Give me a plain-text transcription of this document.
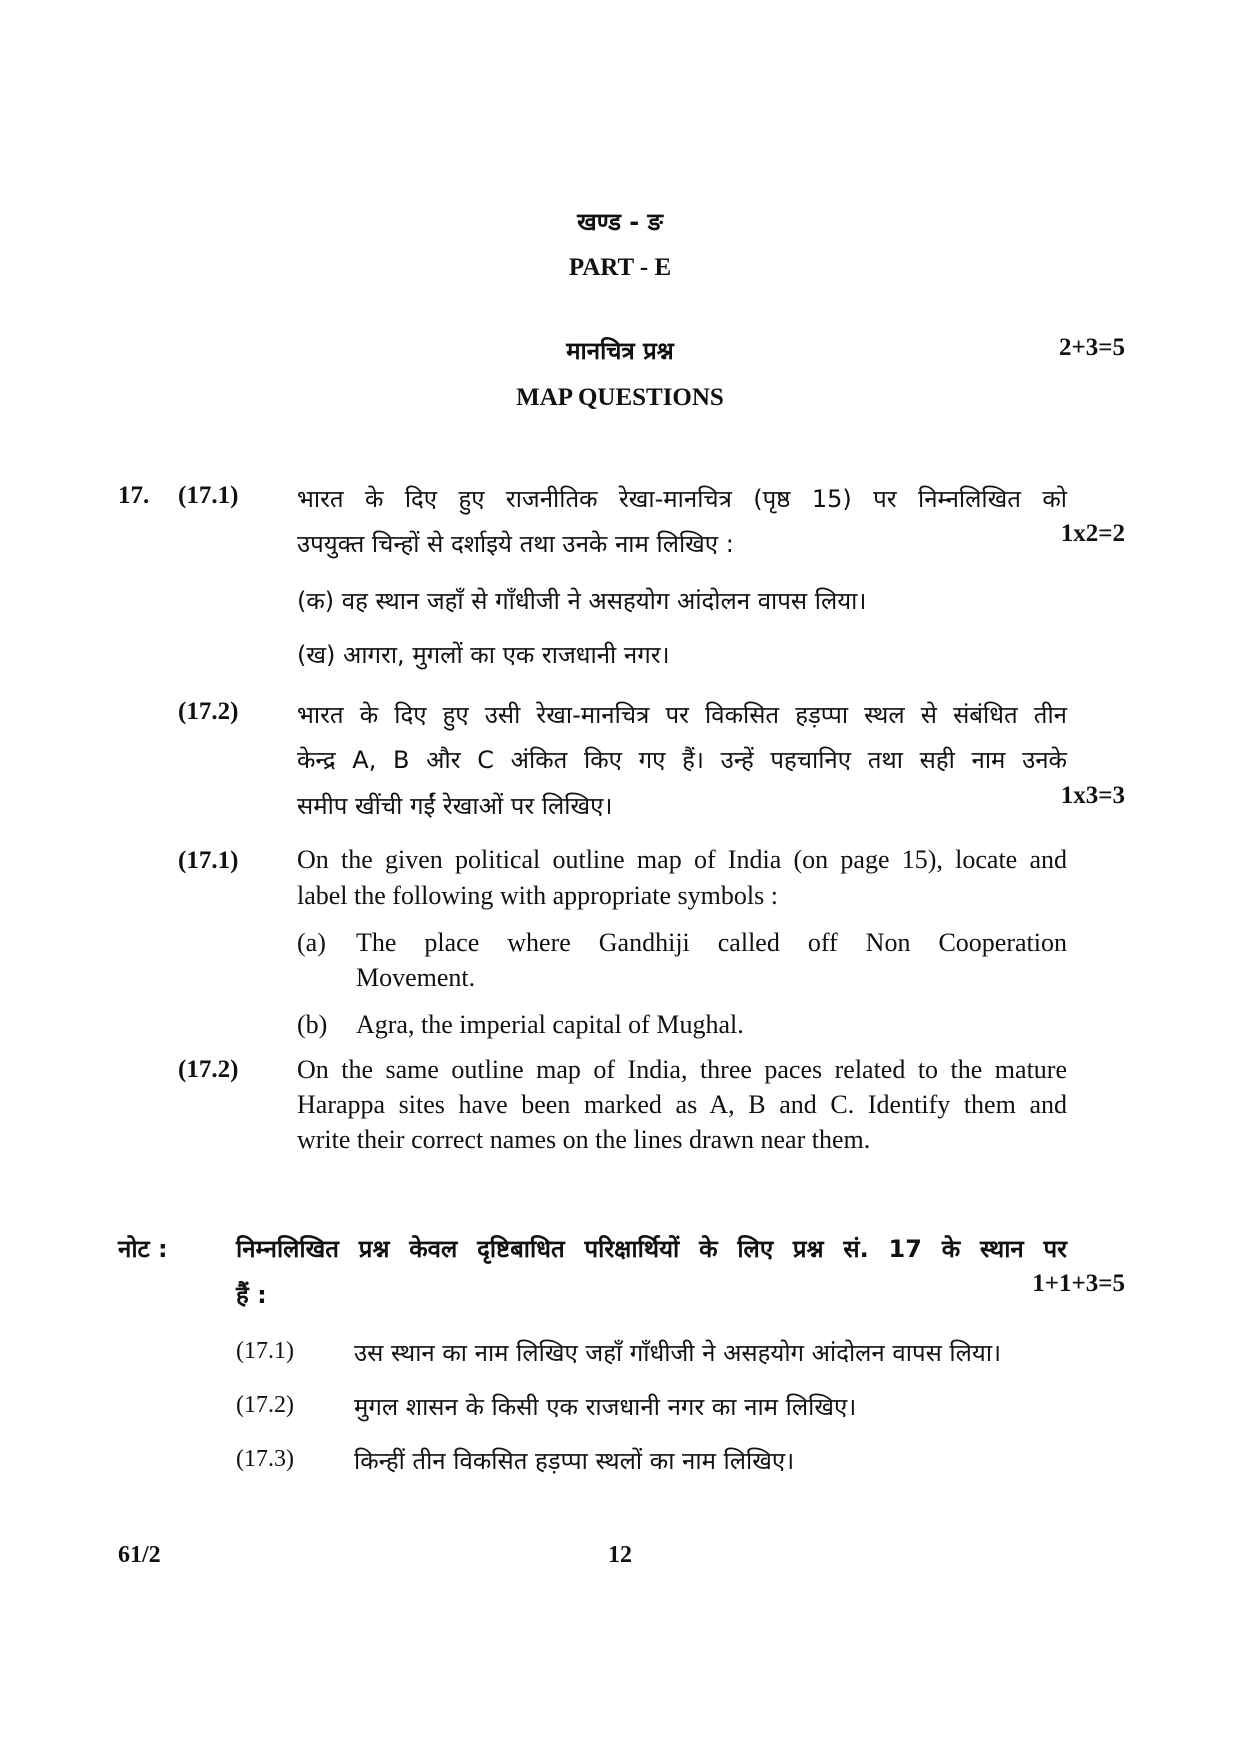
खण्ड - ङ
PART - E
मानचित्र प्रश्न	2+3=5
MAP QUESTIONS
17. (17.1) भारत के दिए हुए राजनीतिक रेखा-मानचित्र (पृष्ठ 15) पर निम्नलिखित को
उपयुक्त चिन्हों से दर्शाइये तथा उनके नाम लिखिए :	1x2=2
(क) वह स्थान जहाँ से गाँधीजी ने असहयोग आंदोलन वापस लिया।
(ख) आगरा, मुगलों का एक राजधानी नगर।
(17.2) भारत के दिए हुए उसी रेखा-मानचित्र पर विकसित हड़प्पा स्थल से संबंधित तीन
केन्द्र A, B और C अंकित किए गए हैं। उन्हें पहचानिए तथा सही नाम उनके
समीप खींची गईं रेखाओं पर लिखिए।	1x3=3
(17.1) On the given political outline map of India (on page 15), locate and
label the following with appropriate symbols :
(a) The place where Gandhiji called off Non Cooperation
Movement.
(b) Agra, the imperial capital of Mughal.
(17.2) On the same outline map of India, three paces related to the mature
Harappa sites have been marked as A, B and C. Identify them and
write their correct names on the lines drawn near them.
नोट :	निम्नलिखित प्रश्न केवल दृष्टिबाधित परिक्षार्थियों के लिए प्रश्न सं. 17 के स्थान पर
हैं :	1+1+3=5
(17.1)	उस स्थान का नाम लिखिए जहाँ गाँधीजी ने असहयोग आंदोलन वापस लिया।
(17.2)	मुगल शासन के किसी एक राजधानी नगर का नाम लिखिए।
(17.3)	किन्हीं तीन विकसित हड़प्पा स्थलों का नाम लिखिए।
61/2	12
